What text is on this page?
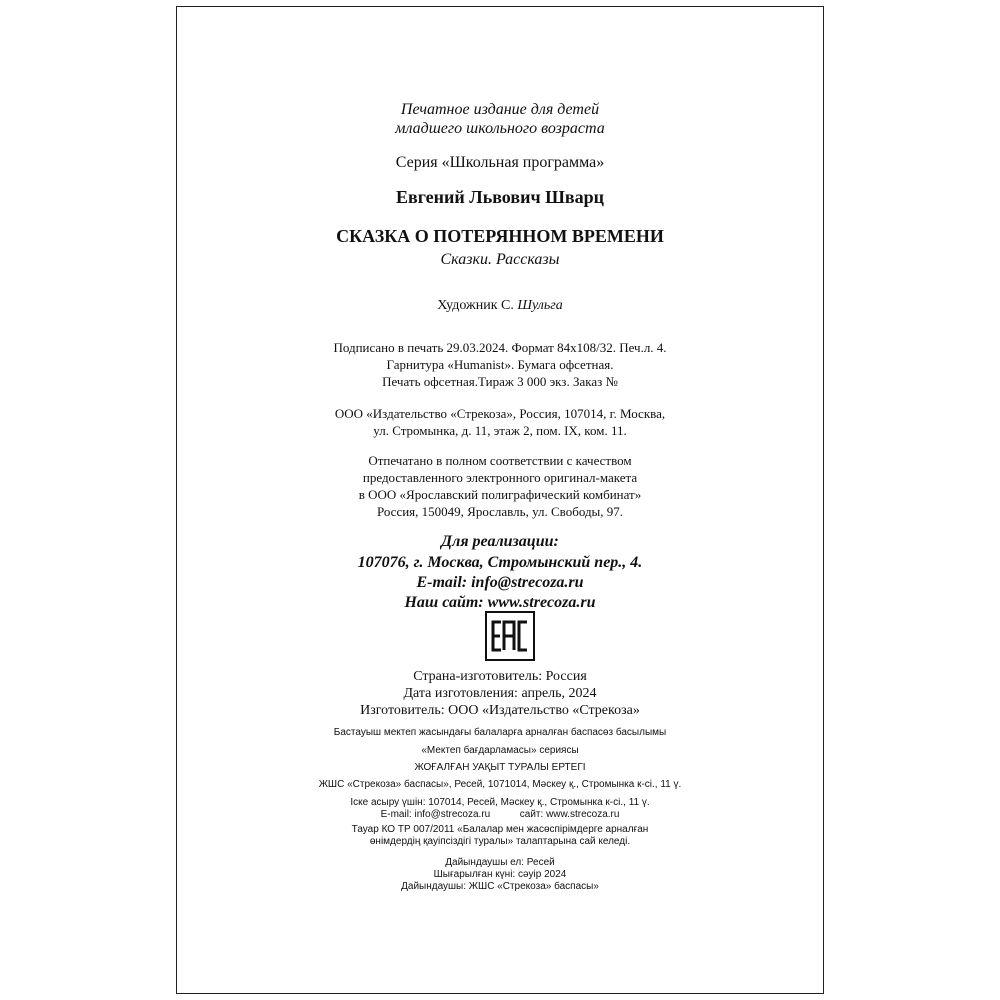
Печатное издание для детей
младшего школьного возраста
Серия «Школьная программа»
Евгений Львович Шварц
СКАЗКА О ПОТЕРЯННОМ ВРЕМЕНИ
Сказки. Рассказы
Художник С. Шульга
Подписано в печать 29.03.2024. Формат 84x108/32. Печ.л. 4.
Гарнитура «Humanist». Бумага офсетная.
Печать офсетная.Тираж 3 000 экз. Заказ №
ООО «Издательство «Стрекоза», Россия, 107014, г. Москва,
ул. Стромынка, д. 11, этаж 2, пом. IX, ком. 11.
Отпечатано в полном соответствии с качеством
предоставленного электронного оригинал-макета
в ООО «Ярославский полиграфический комбинат»
Россия, 150049, Ярославль, ул. Свободы, 97.
Для реализации:
107076, г. Москва, Стромынский пер., 4.
E-mail: info@strecoza.ru
Наш сайт: www.strecoza.ru
Страна-изготовитель: Россия
Дата изготовления: апрель, 2024
Изготовитель: ООО «Издательство «Стрекоза»
Бастауыш мектеп жасындағы балаларға арналған баспасөз басылымы
«Мектеп бағдарламасы» сериясы
ЖОҒАЛҒАН УАҚЫТ ТУРАЛЫ ЕРТЕГІ
ЖШС «Стрекоза» баспасы», Ресей, 1071014, Мәскеу қ., Стромынка к-сі., 11 ү.
Іске асыру үшін: 107014, Ресей, Мәскеу қ., Стромынка к-сі., 11 ү.
E-mail: info@strecoza.ru	сайт: www.strecoza.ru
Тауар КО ТР 007/2011 «Балалар мен жасөспірімдерге арналған
өнімдердің қауіпсіздігі туралы» талаптарына сай келеді.
Дайындаушы ел: Ресей
Шығарылған күні: сәуір 2024
Дайындаушы: ЖШС «Стрекоза» баспасы»
